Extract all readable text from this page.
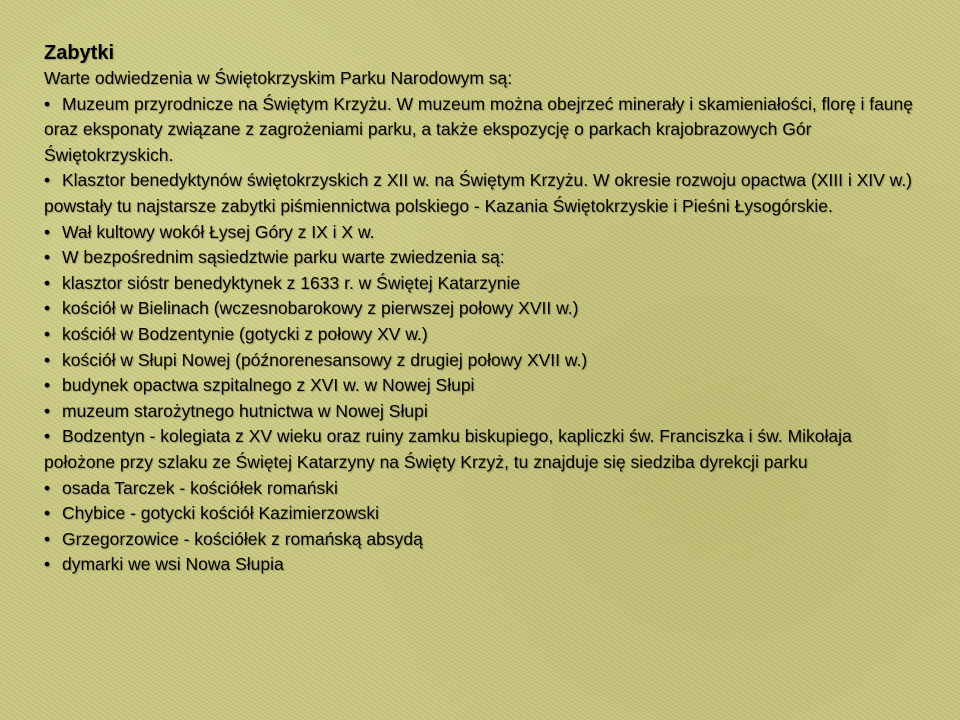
Zabytki
Warte odwiedzenia w Świętokrzyskim Parku Narodowym są:
• Muzeum przyrodnicze na Świętym Krzyżu. W muzeum można obejrzeć minerały i skamieniałości, florę i faunę oraz eksponaty związane z zagrożeniami parku, a także ekspozycję o parkach krajobrazowych Gór Świętokrzyskich.
• Klasztor benedyktynów świętokrzyskich z XII w. na Świętym Krzyżu. W okresie rozwoju opactwa (XIII i XIV w.) powstały tu najstarsze zabytki piśmiennictwa polskiego - Kazania Świętokrzyskie i Pieśni Łysogórskie.
• Wał kultowy wokół Łysej Góry z IX i X w.
• W bezpośrednim sąsiedztwie parku warte zwiedzenia są:
• klasztor sióstr benedyktynek z 1633 r. w Świętej Katarzynie
• kościół w Bielinach (wczesnobarokowy z pierwszej połowy XVII w.)
• kościół w Bodzentynie (gotycki z połowy XV w.)
• kościół w Słupi Nowej (późnorenesansowy z drugiej połowy XVII w.)
• budynek opactwa szpitalnego z XVI w. w Nowej Słupi
• muzeum starożytnego hutnictwa w Nowej Słupi
• Bodzentyn - kolegiata z XV wieku oraz ruiny zamku biskupiego, kapliczki św. Franciszka i św. Mikołaja położone przy szlaku ze Świętej Katarzyny na Święty Krzyż, tu znajduje się siedziba dyrekcji parku
• osada Tarczek - kościółek romański
• Chybice - gotycki kościół Kazimierzowski
• Grzegorzowice - kościółek z romańską absydą
• dymarki we wsi Nowa Słupia
